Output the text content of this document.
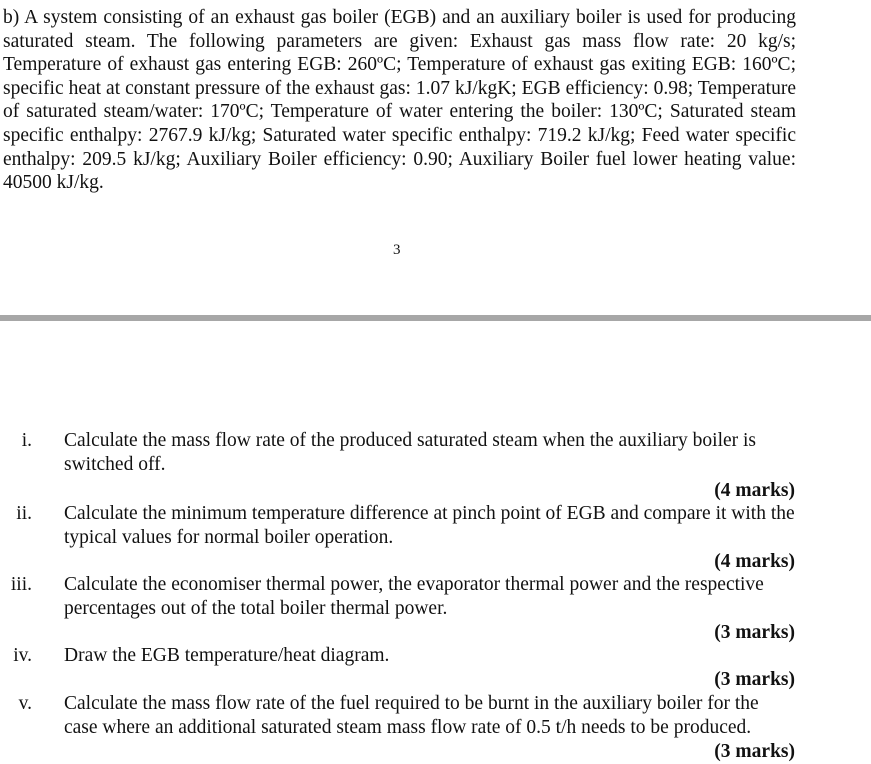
b) A system consisting of an exhaust gas boiler (EGB) and an auxiliary boiler is used for producing saturated steam. The following parameters are given: Exhaust gas mass flow rate: 20 kg/s; Temperature of exhaust gas entering EGB: 260ºC; Temperature of exhaust gas exiting EGB: 160ºC; specific heat at constant pressure of the exhaust gas: 1.07 kJ/kgK; EGB efficiency: 0.98; Temperature of saturated steam/water: 170ºC; Temperature of water entering the boiler: 130ºC; Saturated steam specific enthalpy: 2767.9 kJ/kg; Saturated water specific enthalpy: 719.2 kJ/kg; Feed water specific enthalpy: 209.5 kJ/kg; Auxiliary Boiler efficiency: 0.90; Auxiliary Boiler fuel lower heating value: 40500 kJ/kg.

3
i. Calculate the mass flow rate of the produced saturated steam when the auxiliary boiler is switched off.
(4 marks)
ii. Calculate the minimum temperature difference at pinch point of EGB and compare it with the typical values for normal boiler operation.
(4 marks)
iii. Calculate the economiser thermal power, the evaporator thermal power and the respective percentages out of the total boiler thermal power.
(3 marks)
iv. Draw the EGB temperature/heat diagram.
(3 marks)
v. Calculate the mass flow rate of the fuel required to be burnt in the auxiliary boiler for the case where an additional saturated steam mass flow rate of 0.5 t/h needs to be produced.
(3 marks)
